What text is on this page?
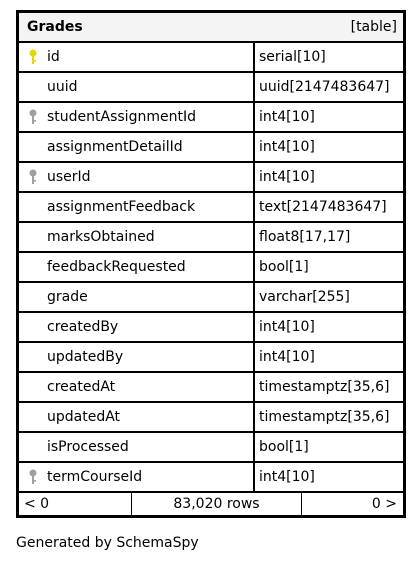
Grades	[table]
id	serial[10]
uuid	uuid[2147483647]
studentAssignmentId	int4[10]
assignmentDetailId	int4[10]
userId	int4[10]
assignmentFeedback	text[2147483647]
marksObtained	float8[17,17]
feedbackRequested	bool[1]
grade	varchar[255]
createdBy	int4[10]
updatedBy	int4[10]
createdAt	timestamptz[35,6]
updatedAt	timestamptz[35,6]
isProcessed	bool[1]
termCourseId	int4[10]
< 0	83,020 rows	0 >
Generated by SchemaSpy
